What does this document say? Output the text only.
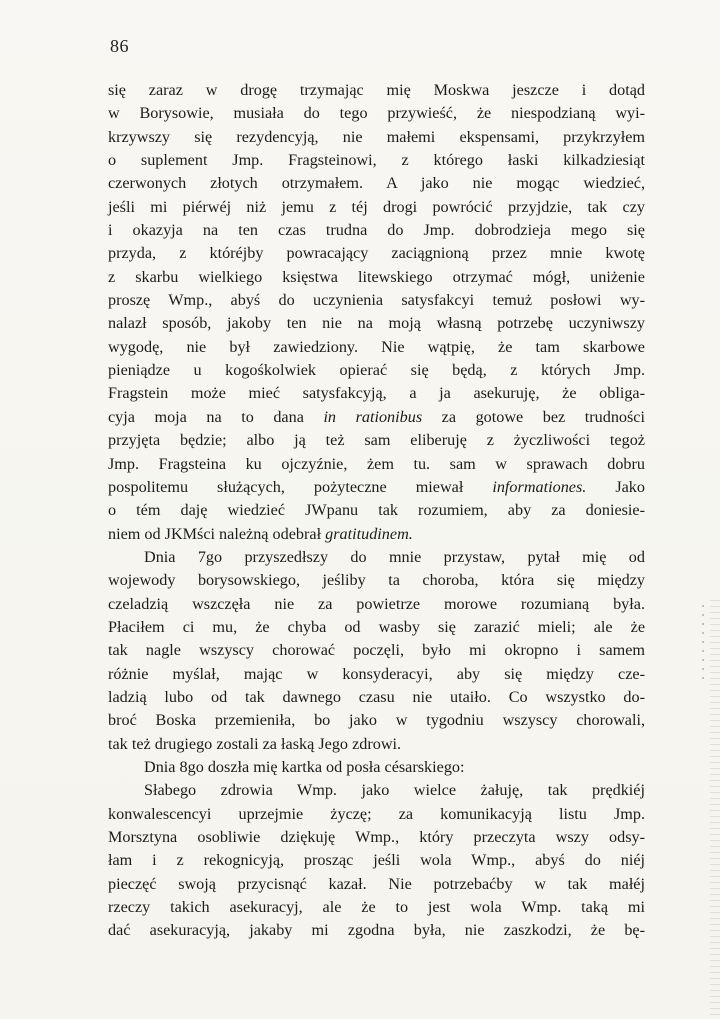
86
się zaraz w drogę trzymając mię Moskwa jeszcze i dotąd
w Borysowie, musiała do tego przywieść, że niespodzianą wyi-
krzywszy się rezydencyją, nie małemi ekspensami, przykrzyłem
o suplement Jmp. Fragsteinowi, z którego łaski kilkadziesiąt
czerwonych złotych otrzymałem. A jako nie mogąc wiedzieć,
jeśli mi piérwéj niż jemu z téj drogi powrócić przyjdzie, tak czy
i okazyja na ten czas trudna do Jmp. dobrodzieja mego się
przyda, z któréjby powracający zaciągnioną przez mnie kwotę
z skarbu wielkiego księstwa litewskiego otrzymać mógł, uniżenie
proszę Wmp., abyś do uczynienia satysfakcyi temuż posłowi wy-
nalazł sposób, jakoby ten nie na moją własną potrzebę uczyniwszy
wygodę, nie był zawiedziony. Nie wątpię, że tam skarbowe
pieniądze u kogośkolwiek opierać się będą, z których Jmp.
Fragstein może mieć satysfakcyją, a ja asekuruję, że obliga-
cyja moja na to dana in rationibus za gotowe bez trudności
przyjęta będzie; albo ją też sam eliberuję z życzliwości tegoż
Jmp. Fragsteina ku ojczyźnie, żem tu. sam w sprawach dobru
pospolitemu służących, pożyteczne miewał informationes. Jako
o tém daję wiedzieć JWpanu tak rozumiem, aby za doniesie-
niem od JKMści należną odebrał gratitudinem.
Dnia 7go przyszedłszy do mnie przystaw, pytał mię od
wojewody borysowskiego, jeśliby ta choroba, która się między
czeladzią wszczęła nie za powietrze morowe rozumianą była.
Płaciłem ci mu, że chyba od wasby się zarazić mieli; ale że
tak nagle wszyscy chorować poczęli, było mi okropno i samem
różnie myślał, mając w konsyderacyi, aby się między cze-
ladzią lubo od tak dawnego czasu nie utaiło. Co wszystko do-
broć Boska przemieniła, bo jako w tygodniu wszyscy chorowali,
tak też drugiego zostali za łaską Jego zdrowi.
Dnia 8go doszła mię kartka od posła césarskiego:
Słabego zdrowia Wmp. jako wielce żałuję, tak prędkiéj
konwalescencyi uprzejmie życzę; za komunikacyją listu Jmp.
Morsztyna osobliwie dziękuję Wmp., który przeczyta wszy odsy-
łam i z rekognicyją, prosząc jeśli wola Wmp., abyś do niéj
pieczęć swoją przycisnąć kazał. Nie potrzebaćby w tak małéj
rzeczy takich asekuracyj, ale że to jest wola Wmp. taką mi
dać asekuracyją, jakaby mi zgodna była, nie zaszkodzi, że bę-
